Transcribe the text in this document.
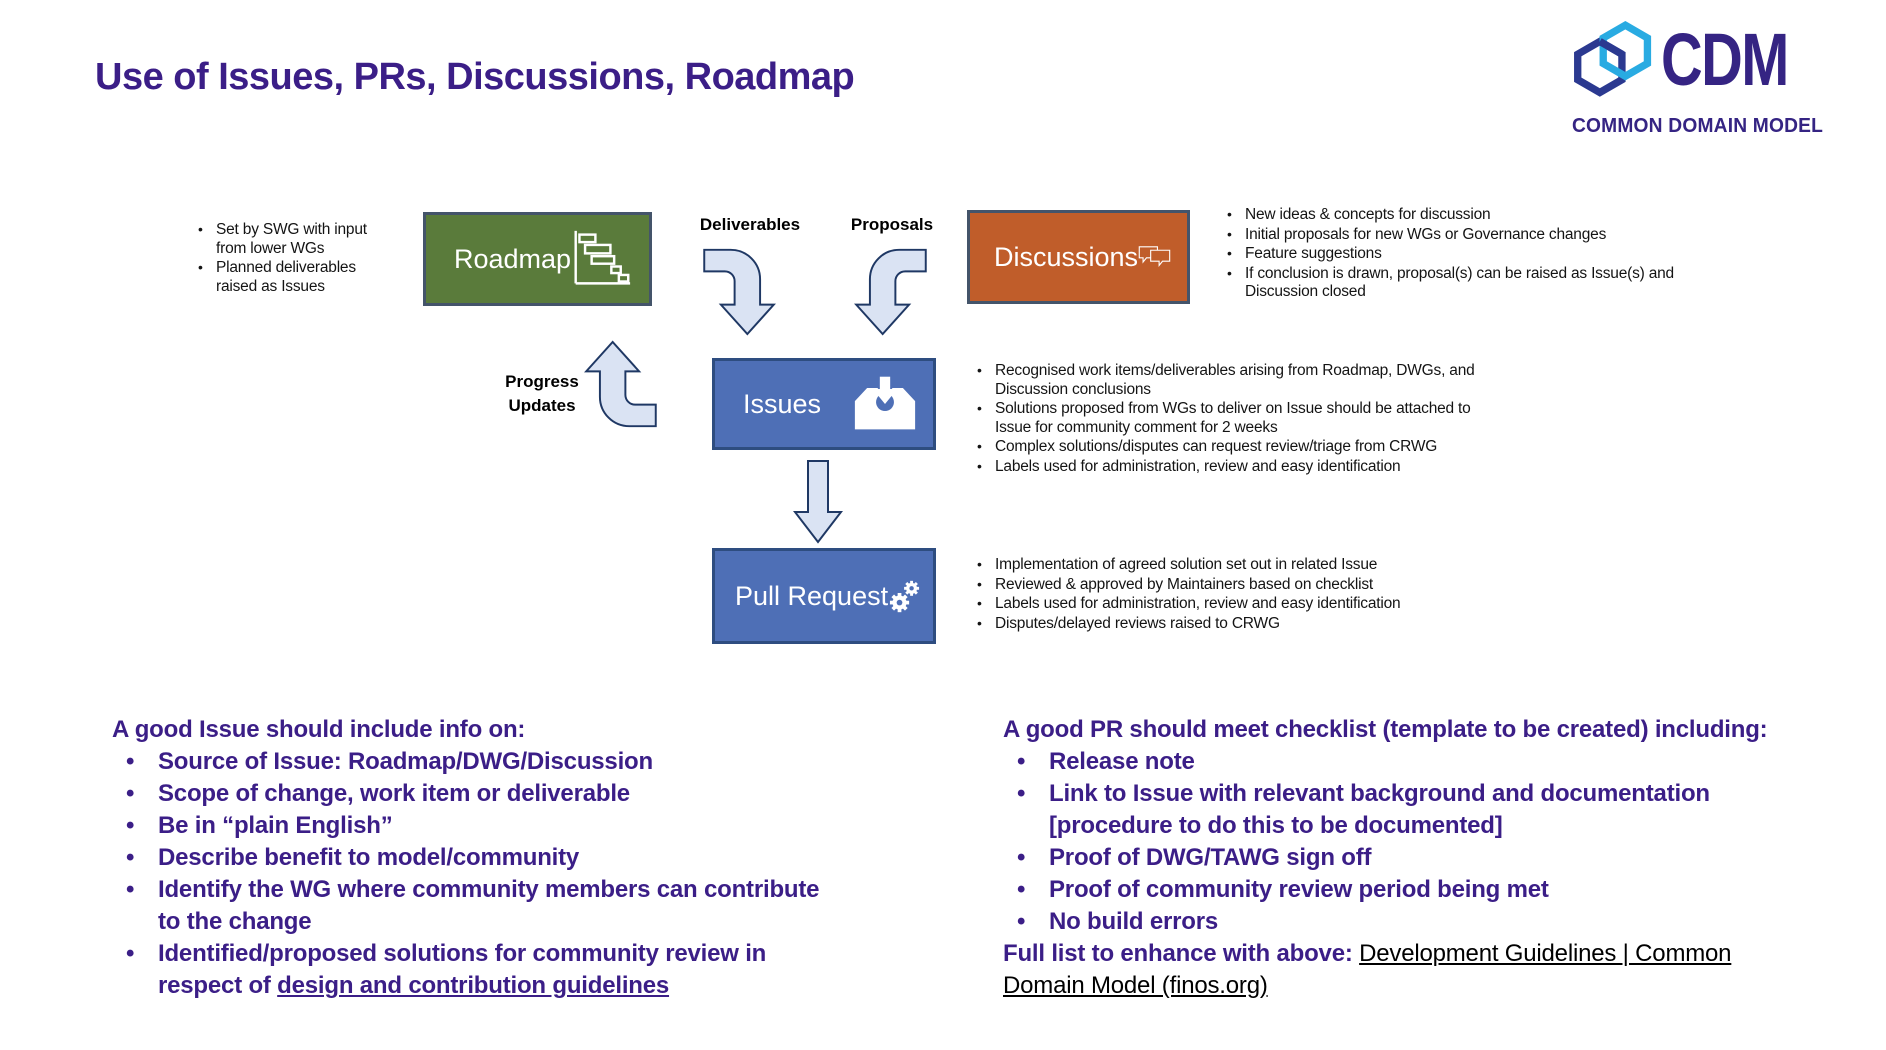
Use of Issues, PRs, Discussions, Roadmap	CDM
COMMON DOMAIN MODEL
• Set by SWG with input from lower WGs
• Planned deliverables raised as Issues
Roadmap
Deliverables	Proposals
Discussions
• New ideas & concepts for discussion
• Initial proposals for new WGs or Governance changes
• Feature suggestions
• If conclusion is drawn, proposal(s) can be raised as Issue(s) and Discussion closed
Progress
Updates	Issues
• Recognised work items/deliverables arising from Roadmap, DWGs, and Discussion conclusions
• Solutions proposed from WGs to deliver on Issue should be attached to Issue for community comment for 2 weeks
• Complex solutions/disputes can request review/triage from CRWG
• Labels used for administration, review and easy identification
Pull Request
• Implementation of agreed solution set out in related Issue
• Reviewed & approved by Maintainers based on checklist
• Labels used for administration, review and easy identification
• Disputes/delayed reviews raised to CRWG
A good Issue should include info on:
• Source of Issue: Roadmap/DWG/Discussion
• Scope of change, work item or deliverable
• Be in “plain English”
• Describe benefit to model/community
• Identify the WG where community members can contribute to the change
• Identified/proposed solutions for community review in respect of design and contribution guidelines
A good PR should meet checklist (template to be created) including:
• Release note
• Link to Issue with relevant background and documentation [procedure to do this to be documented]
• Proof of DWG/TAWG sign off
• Proof of community review period being met
• No build errors
Full list to enhance with above: Development Guidelines | Common Domain Model (finos.org)
